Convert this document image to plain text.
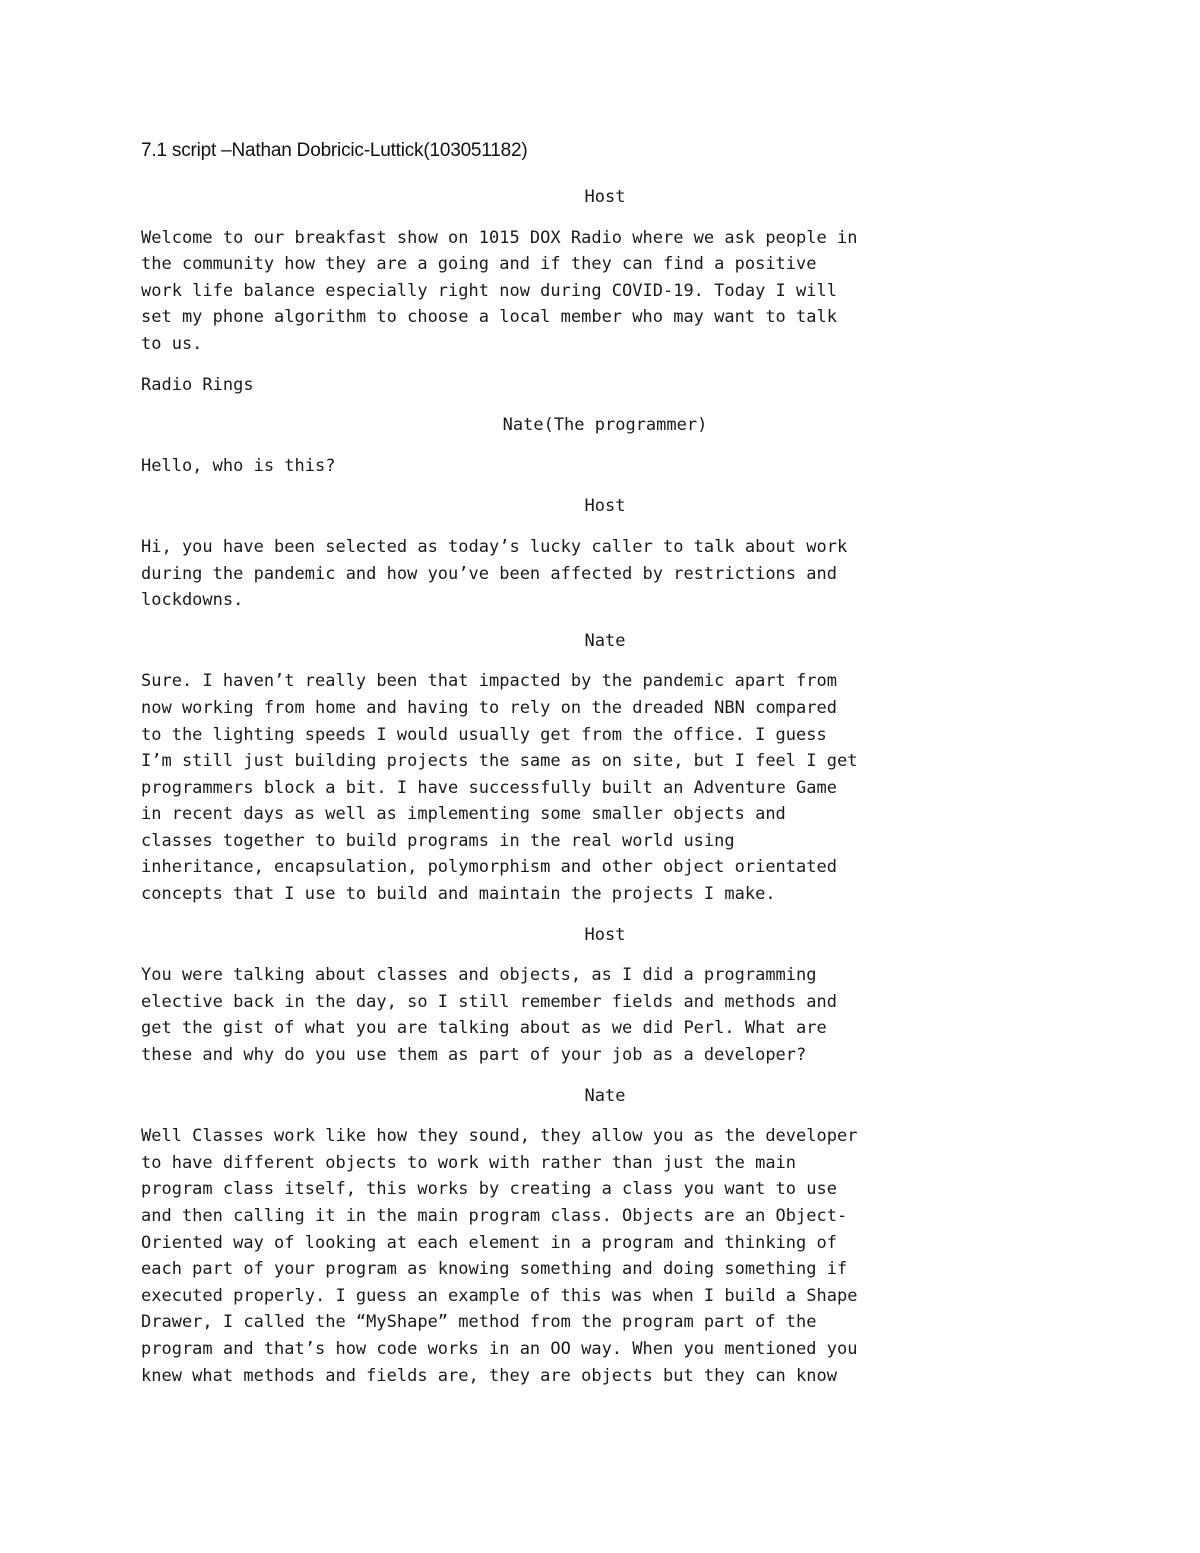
7.1 script –Nathan Dobricic-Luttick(103051182)
Host
Welcome to our breakfast show on 1015 DOX Radio where we ask people in
the community how they are a going and if they can find a positive
work life balance especially right now during COVID-19. Today I will
set my phone algorithm to choose a local member who may want to talk
to us.
Radio Rings
Nate(The programmer)
Hello, who is this?
Host
Hi, you have been selected as today’s lucky caller to talk about work
during the pandemic and how you’ve been affected by restrictions and
lockdowns.
Nate
Sure. I haven’t really been that impacted by the pandemic apart from
now working from home and having to rely on the dreaded NBN compared
to the lighting speeds I would usually get from the office. I guess
I’m still just building projects the same as on site, but I feel I get
programmers block a bit. I have successfully built an Adventure Game
in recent days as well as implementing some smaller objects and
classes together to build programs in the real world using
inheritance, encapsulation, polymorphism and other object orientated
concepts that I use to build and maintain the projects I make.
Host
You were talking about classes and objects, as I did a programming
elective back in the day, so I still remember fields and methods and
get the gist of what you are talking about as we did Perl. What are
these and why do you use them as part of your job as a developer?
Nate
Well Classes work like how they sound, they allow you as the developer
to have different objects to work with rather than just the main
program class itself, this works by creating a class you want to use
and then calling it in the main program class. Objects are an Object-
Oriented way of looking at each element in a program and thinking of
each part of your program as knowing something and doing something if
executed properly. I guess an example of this was when I build a Shape
Drawer, I called the “MyShape” method from the program part of the
program and that’s how code works in an OO way. When you mentioned you
knew what methods and fields are, they are objects but they can know
